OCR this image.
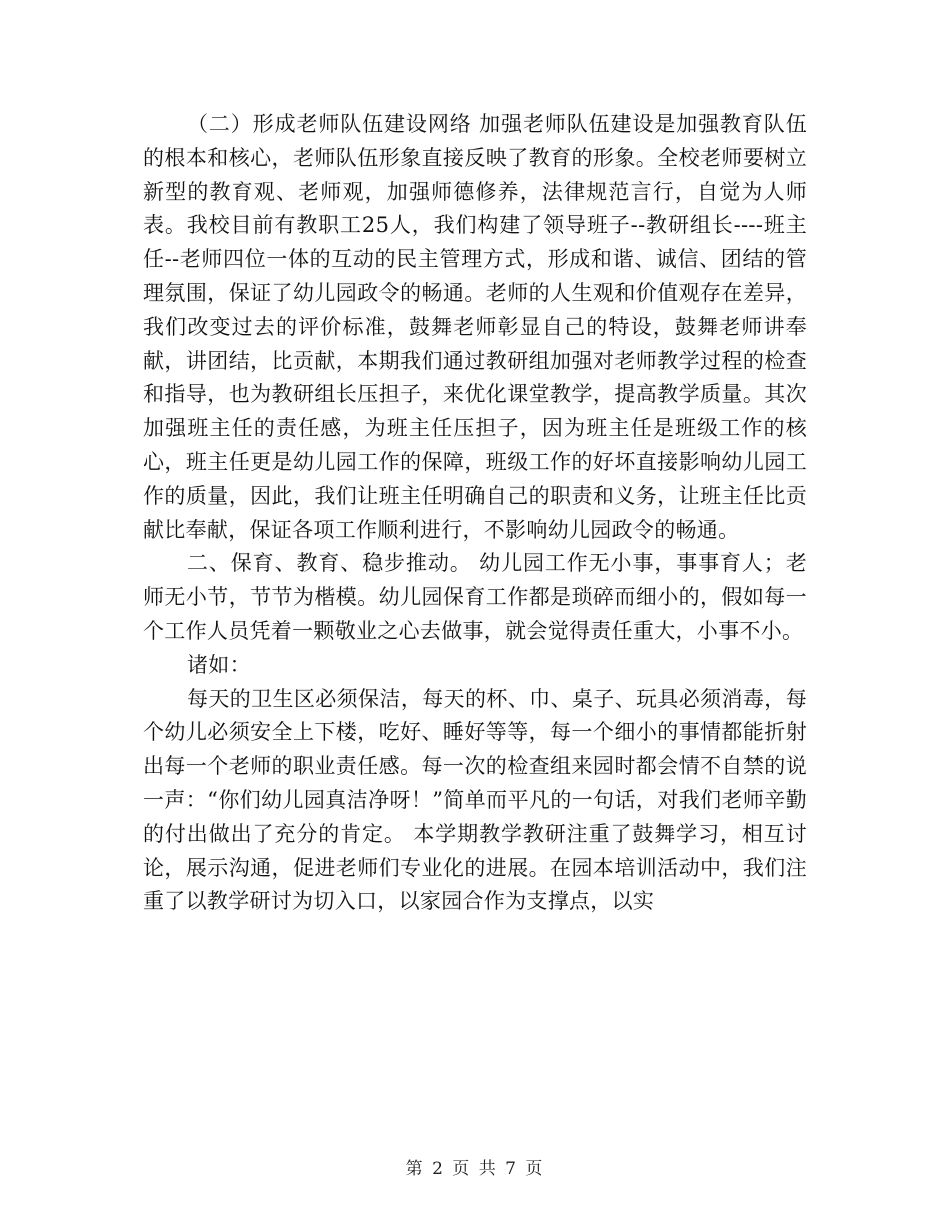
（二）形成老师队伍建设网络 加强老师队伍建设是加强教育队伍的根本和核心，老师队伍形象直接反映了教育的形象。全校老师要树立新型的教育观、老师观，加强师德修养，法律规范言行，自觉为人师表。我校目前有教职工25人，我们构建了领导班子--教研组长----班主任--老师四位一体的互动的民主管理方式，形成和谐、诚信、团结的管理氛围，保证了幼儿园政令的畅通。老师的人生观和价值观存在差异，我们改变过去的评价标准，鼓舞老师彰显自己的特设，鼓舞老师讲奉献，讲团结，比贡献，本期我们通过教研组加强对老师教学过程的检查和指导，也为教研组长压担子，来优化课堂教学，提高教学质量。其次加强班主任的责任感，为班主任压担子，因为班主任是班级工作的核心，班主任更是幼儿园工作的保障，班级工作的好坏直接影响幼儿园工作的质量，因此，我们让班主任明确自己的职责和义务，让班主任比贡献比奉献，保证各项工作顺利进行，不影响幼儿园政令的畅通。

二、保育、教育、稳步推动。 幼儿园工作无小事，事事育人；老师无小节，节节为楷模。幼儿园保育工作都是琐碎而细小的，假如每一个工作人员凭着一颗敬业之心去做事，就会觉得责任重大，小事不小。

诸如：

每天的卫生区必须保洁，每天的杯、巾、桌子、玩具必须消毒，每个幼儿必须安全上下楼，吃好、睡好等等，每一个细小的事情都能折射出每一个老师的职业责任感。每一次的检查组来园时都会情不自禁的说一声：“你们幼儿园真洁净呀！”简单而平凡的一句话，对我们老师辛勤的付出做出了充分的肯定。 本学期教学教研注重了鼓舞学习，相互讨论，展示沟通，促进老师们专业化的进展。在园本培训活动中，我们注重了以教学研讨为切入口，以家园合作为支撑点，以实

第 2 页 共 7 页
